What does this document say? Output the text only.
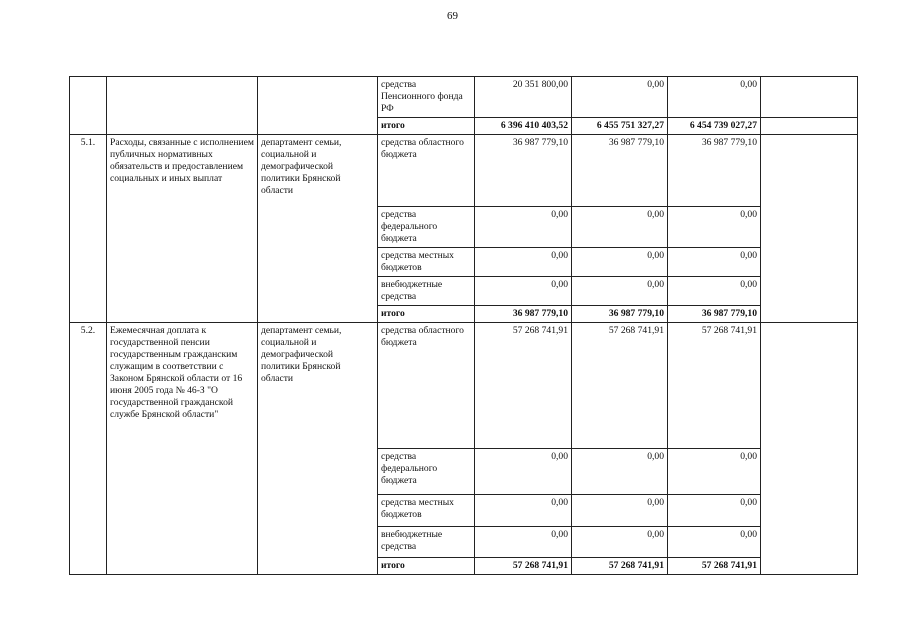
69
			средства Пенсионного фонда РФ	20 351 800,00	0,00	0,00	
			итого	6 396 410 403,52	6 455 751 327,27	6 454 739 027,27	
5.1.	Расходы, связанные с исполнением публичных нормативных обязательств и предоставлением социальных и иных выплат	департамент семьи, социальной и демографической политики Брянской области	средства областного бюджета	36 987 779,10	36 987 779,10	36 987 779,10	
			средства федерального бюджета	0,00	0,00	0,00	
			средства местных бюджетов	0,00	0,00	0,00	
			внебюджетные средства	0,00	0,00	0,00	
			итого	36 987 779,10	36 987 779,10	36 987 779,10	
5.2.	Ежемесячная доплата к государственной пенсии государственным гражданским служащим в соответствии с Законом Брянской области от 16 июня 2005 года № 46-З "О государственной гражданской службе Брянской области"	департамент семьи, социальной и демографической политики Брянской области	средства областного бюджета	57 268 741,91	57 268 741,91	57 268 741,91	
			средства федерального бюджета	0,00	0,00	0,00	
			средства местных бюджетов	0,00	0,00	0,00	
			внебюджетные средства	0,00	0,00	0,00	
			итого	57 268 741,91	57 268 741,91	57 268 741,91	
